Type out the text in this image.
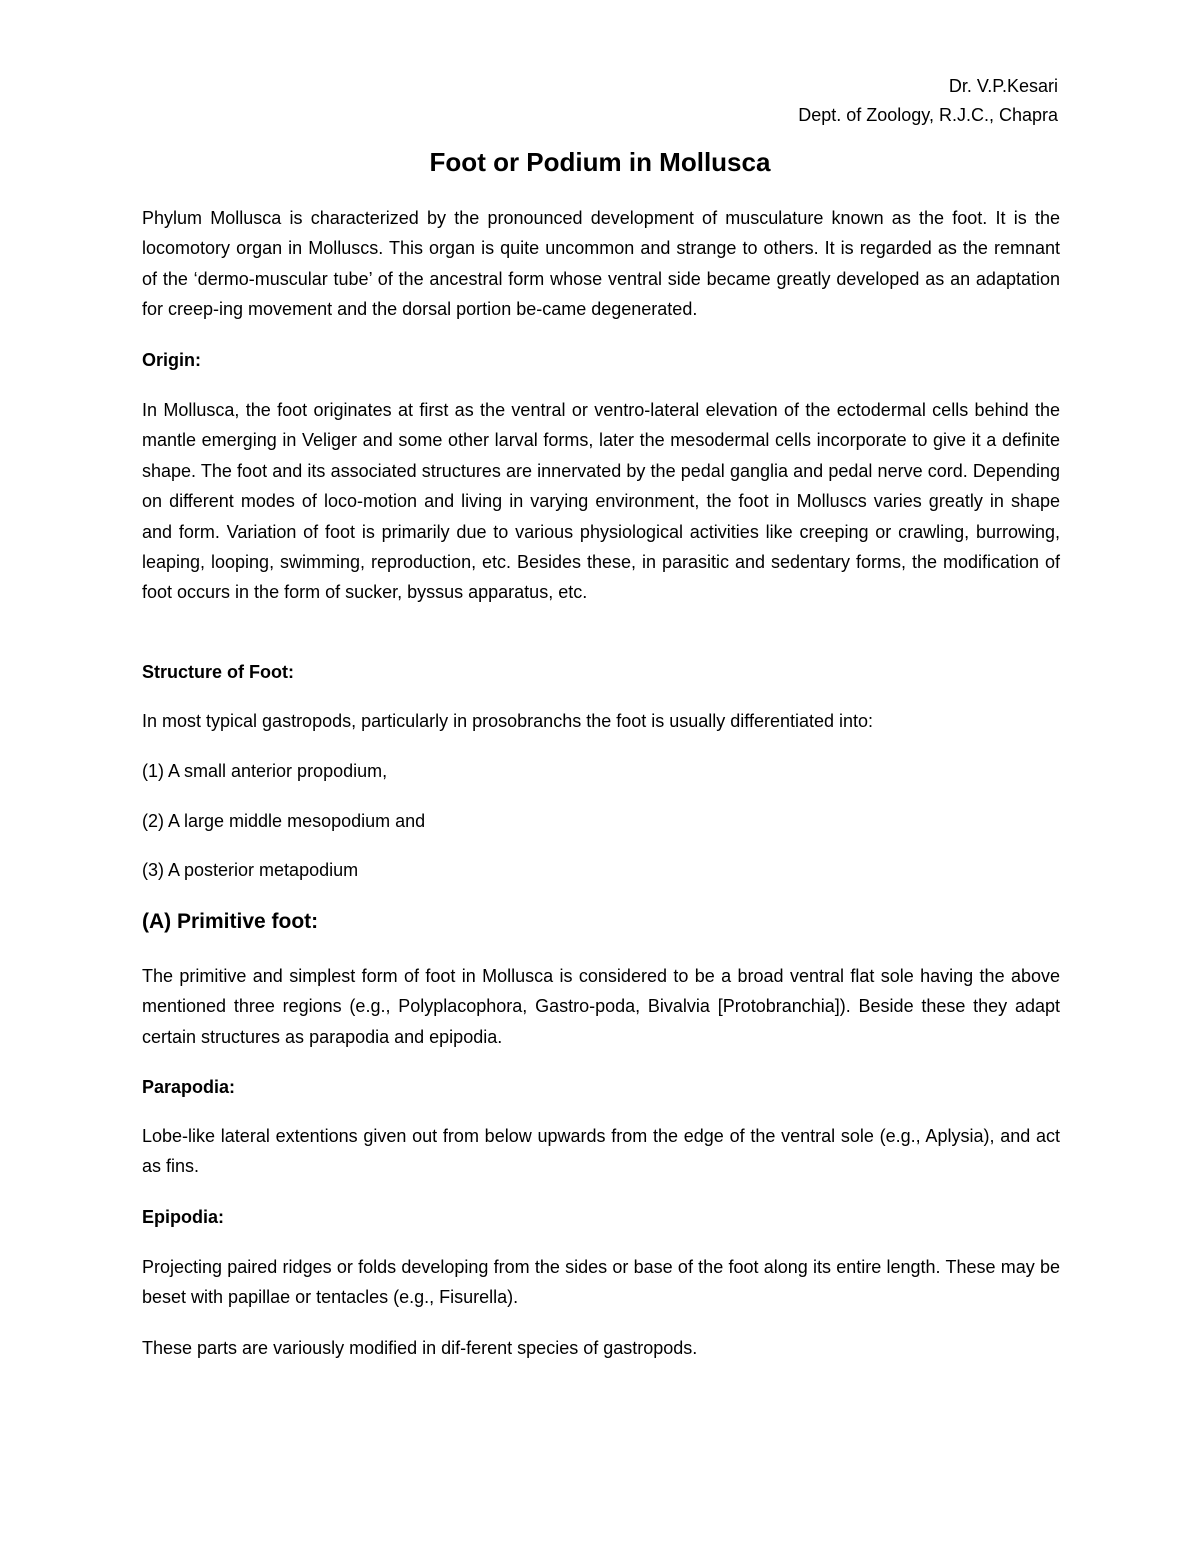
Dr. V.P.Kesari

Dept. of Zoology, R.J.C., Chapra

Foot or Podium in Mollusca

Phylum Mollusca is characterized by the pronounced development of musculature known as the foot. It is the locomotory organ in Molluscs. This organ is quite uncommon and strange to others. It is regarded as the remnant of the ‘dermo-muscular tube’ of the ancestral form whose ventral side became greatly developed as an adaptation for creep-ing movement and the dorsal portion be-came degenerated.

Origin:

In Mollusca, the foot originates at first as the ventral or ventro-lateral elevation of the ectodermal cells behind the mantle emerging in Veliger and some other larval forms, later the mesodermal cells incorporate to give it a definite shape. The foot and its associated structures are innervated by the pedal ganglia and pedal nerve cord. Depending on different modes of loco-motion and living in varying environment, the foot in Molluscs varies greatly in shape and form. Variation of foot is primarily due to various physiological activities like creeping or crawling, burrowing, leaping, looping, swimming, reproduction, etc. Besides these, in parasitic and sedentary forms, the modification of foot occurs in the form of sucker, byssus apparatus, etc.

Structure of Foot:

In most typical gastropods, particularly in prosobranchs the foot is usually differentiated into:

(1) A small anterior propodium,

(2) A large middle mesopodium and

(3) A posterior metapodium

(A) Primitive foot:

The primitive and simplest form of foot in Mollusca is considered to be a broad ventral flat sole having the above mentioned three regions (e.g., Polyplacophora, Gastro-poda, Bivalvia [Protobranchia]). Beside these they adapt certain structures as parapodia and epipodia.

Parapodia:

Lobe-like lateral extentions given out from below upwards from the edge of the ventral sole (e.g., Aplysia), and act as fins.

Epipodia:

Projecting paired ridges or folds developing from the sides or base of the foot along its entire length. These may be beset with papillae or tentacles (e.g., Fisurella).

These parts are variously modified in dif-ferent species of gastropods.
